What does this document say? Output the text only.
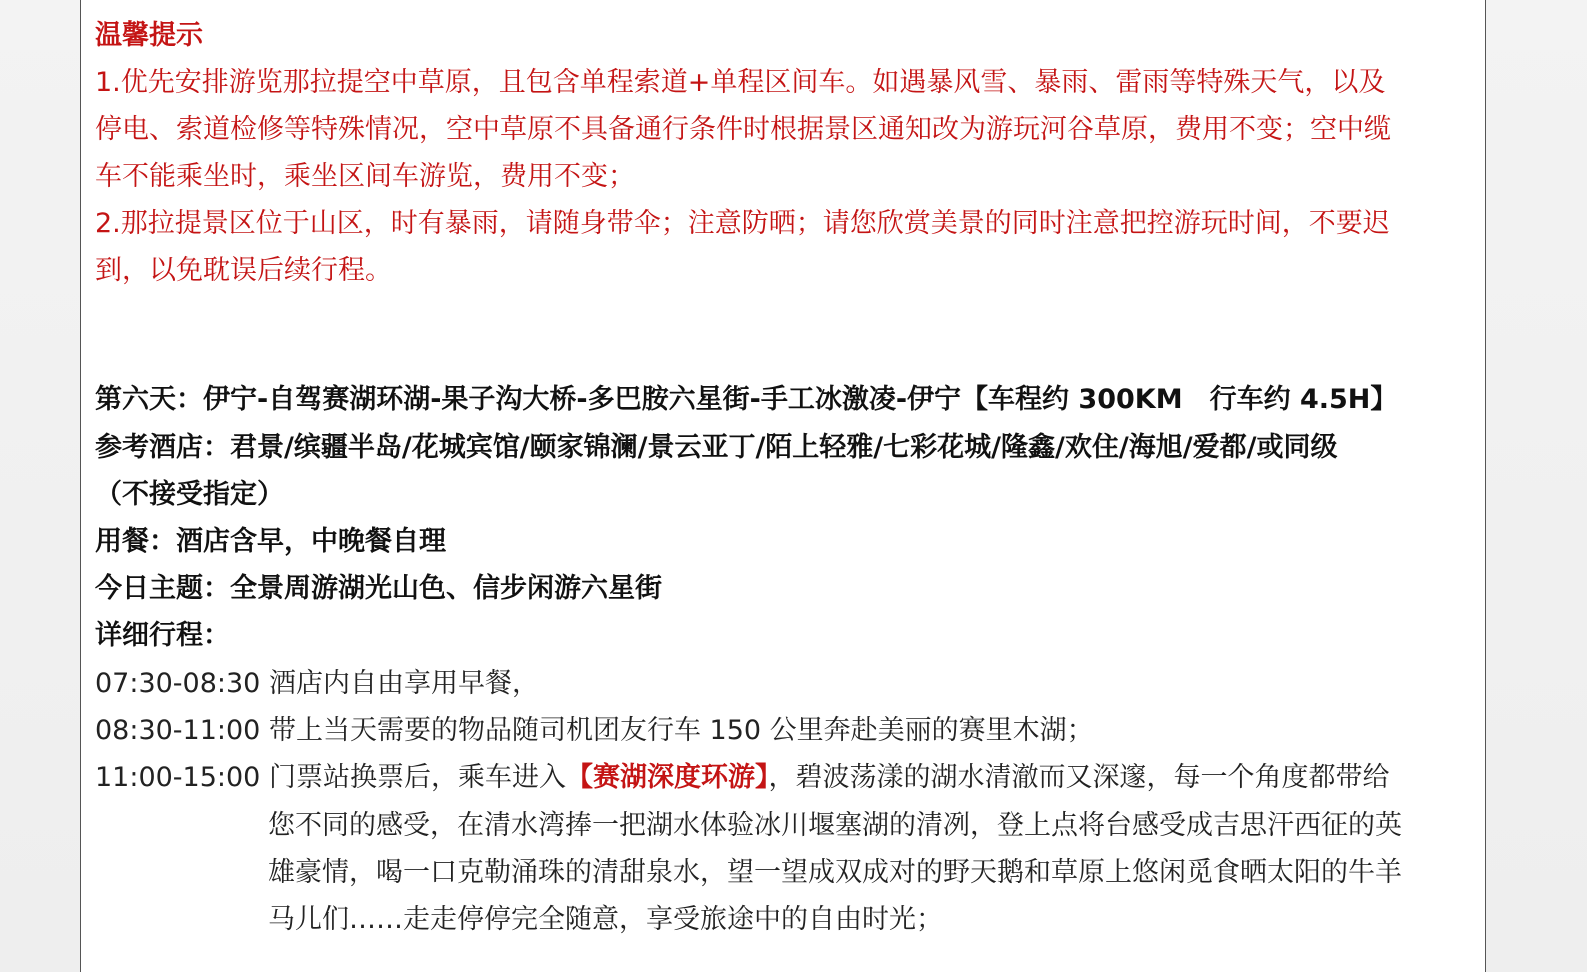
温馨提示
1.优先安排游览那拉提空中草原，且包含单程索道+单程区间车。如遇暴风雪、暴雨、雷雨等特殊天气，以及
停电、索道检修等特殊情况，空中草原不具备通行条件时根据景区通知改为游玩河谷草原，费用不变；空中缆
车不能乘坐时，乘坐区间车游览，费用不变；
2.那拉提景区位于山区，时有暴雨，请随身带伞；注意防晒；请您欣赏美景的同时注意把控游玩时间，不要迟
到，以免耽误后续行程。
第六天：伊宁-自驾赛湖环湖-果子沟大桥-多巴胺六星街-手工冰激凌-伊宁【车程约 300KM　行车约 4.5H】
参考酒店：君景/缤疆半岛/花城宾馆/颐家锦澜/景云亚丁/陌上轻雅/七彩花城/隆鑫/欢住/海旭/爱都/或同级
（不接受指定）
用餐：酒店含早，中晚餐自理
今日主题：全景周游湖光山色、信步闲游六星街
详细行程：
07:30-08:30 酒店内自由享用早餐，
08:30-11:00 带上当天需要的物品随司机团友行车 150 公里奔赴美丽的赛里木湖；
11:00-15:00 门票站换票后，乘车进入【赛湖深度环游】，碧波荡漾的湖水清澈而又深邃，每一个角度都带给
您不同的感受，在清水湾捧一把湖水体验冰川堰塞湖的清冽，登上点将台感受成吉思汗西征的英
雄豪情，喝一口克勒涌珠的清甜泉水，望一望成双成对的野天鹅和草原上悠闲觅食晒太阳的牛羊
马儿们……走走停停完全随意，享受旅途中的自由时光；
